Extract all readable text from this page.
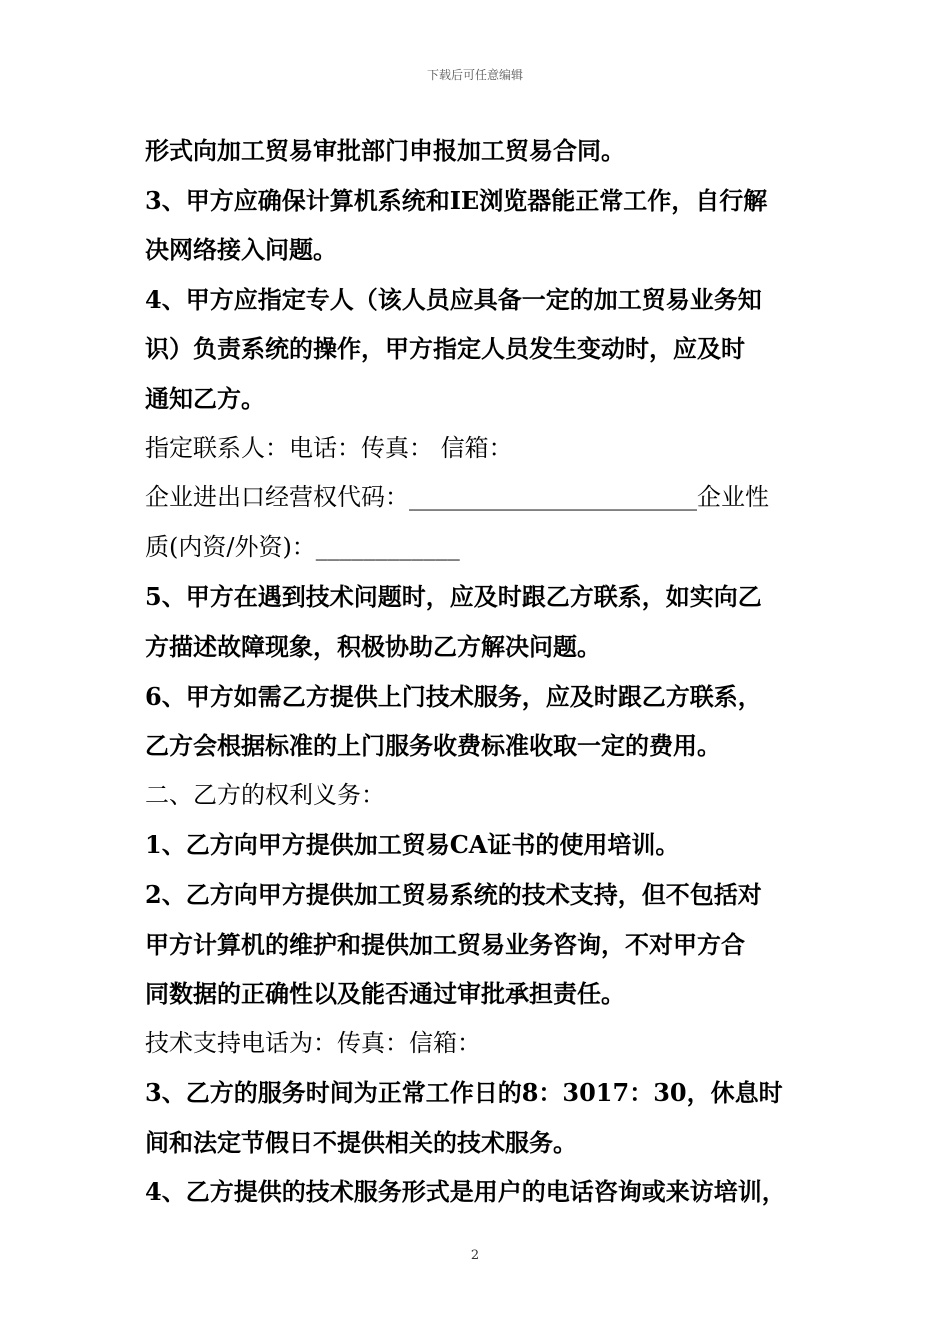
下载后可任意编辑
形式向加工贸易审批部门申报加工贸易合同。
3、甲方应确保计算机系统和IE浏览器能正常工作，自行解
决网络接入问题。
4、甲方应指定专人（该人员应具备一定的加工贸易业务知
识）负责系统的操作，甲方指定人员发生变动时，应及时
通知乙方。
指定联系人：电话：传真： 信箱：
企业进出口经营权代码：________________________企业性
质(内资/外资)：____________
5、甲方在遇到技术问题时，应及时跟乙方联系，如实向乙
方描述故障现象，积极协助乙方解决问题。
6、甲方如需乙方提供上门技术服务，应及时跟乙方联系，
乙方会根据标准的上门服务收费标准收取一定的费用。
二、乙方的权利义务：
1、乙方向甲方提供加工贸易CA证书的使用培训。
2、乙方向甲方提供加工贸易系统的技术支持，但不包括对
甲方计算机的维护和提供加工贸易业务咨询，不对甲方合
同数据的正确性以及能否通过审批承担责任。
技术支持电话为：传真：信箱：
3、乙方的服务时间为正常工作日的8：3017：30，休息时
间和法定节假日不提供相关的技术服务。
4、乙方提供的技术服务形式是用户的电话咨询或来访培训，
2
